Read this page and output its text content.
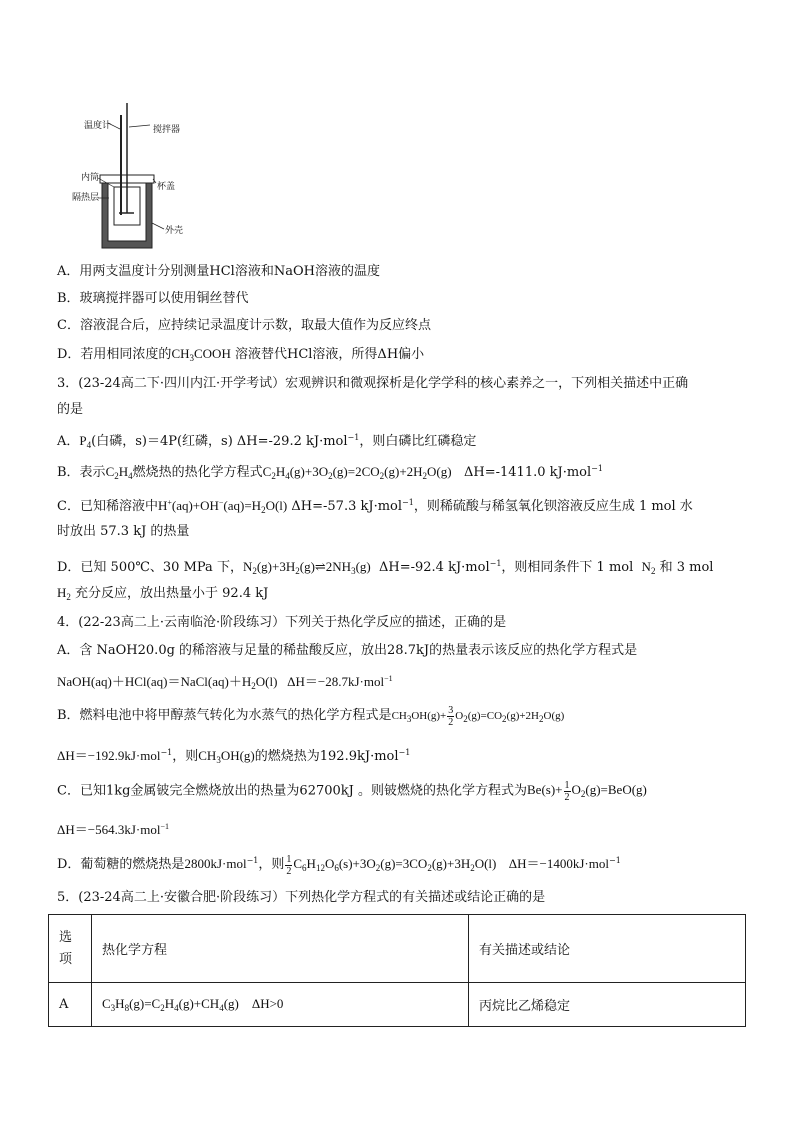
温度计	搅拌器
内筒
隔热层
杯盖
外壳
A．用两支温度计分别测量HCl溶液和NaOH溶液的温度
B．玻璃搅拌器可以使用铜丝替代
C．溶液混合后，应持续记录温度计示数，取最大值作为反应终点
D．若用相同浓度的$CH_3COOH$ 溶液替代HCl溶液，所得ΔH偏小
3．(23-24高二下·四川内江·开学考试）宏观辨识和微观探析是化学学科的核心素养之一，下列相关描述中正确
的是
A．$P_4$(白磷，s)＝4P(红磷，s) ΔH=-29.2 kJ·mol$^{-1}$，则白磷比红磷稳定
B．表示$C_2H_4$燃烧热的热化学方程式$C_2H_4(g)+3O_2(g)=2CO_2(g)+2H_2O(g)$ ΔH=-1411.0 kJ·mol$^{-1}$
C．已知稀溶液中$H^+(aq)+OH^-(aq)=H_2O(l)$ ΔH=-57.3 kJ·mol$^{-1}$，则稀硫酸与稀氢氧化钡溶液反应生成 1 mol 水
时放出 57.3 kJ 的热量
D．已知 500℃、30 MPa 下，$N_2(g)+3H_2(g)\rightleftharpoons 2NH_3(g)$ ΔH=-92.4 kJ·mol$^{-1}$，则相同条件下 1 mol $N_2$ 和 3 mol
$H_2$ 充分反应，放出热量小于 92.4 kJ
4．(22-23高二上·云南临沧·阶段练习）下列关于热化学反应的描述，正确的是
A．含 NaOH20.0g 的稀溶液与足量的稀盐酸反应，放出28.7kJ的热量表示该反应的热化学方程式是
$NaOH(aq)+HCl(aq)=NaCl(aq)+H_2O(l)$ ΔH＝−28.7kJ·mol$^{-1}$
B．燃料电池中将甲醇蒸气转化为水蒸气的热化学方程式是$CH_3OH(g)+ \frac{3}{2} O_2(g)=CO_2(g)+2H_2O(g)$
ΔH＝−192.9kJ·mol$^{-1}$，则$CH_3OH(g)$的燃烧热为192.9kJ·mol$^{-1}$
C．已知1kg金属铍完全燃烧放出的热量为62700kJ 。则铍燃烧的热化学方程式为$Be(s)+ \frac{1}{2} O_2(g)=BeO(g)$
ΔH＝−564.3kJ·mol$^{-1}$
D．葡萄糖的燃烧热是2800kJ·mol$^{-1}$，则 $\frac{1}{2} C_6H_{12}O_6(s)+3O_2(g)=3CO_2(g)+3H_2O(l)$ ΔH＝−1400kJ·mol$^{-1}$
5．(23-24高二上·安徽合肥·阶段练习）下列热化学方程式的有关描述或结论正确的是
选项	热化学方程	有关描述或结论
A	$C_3H_8(g)=C_2H_4(g)+CH_4(g)$    ΔH>0	丙烷比乙烯稳定
